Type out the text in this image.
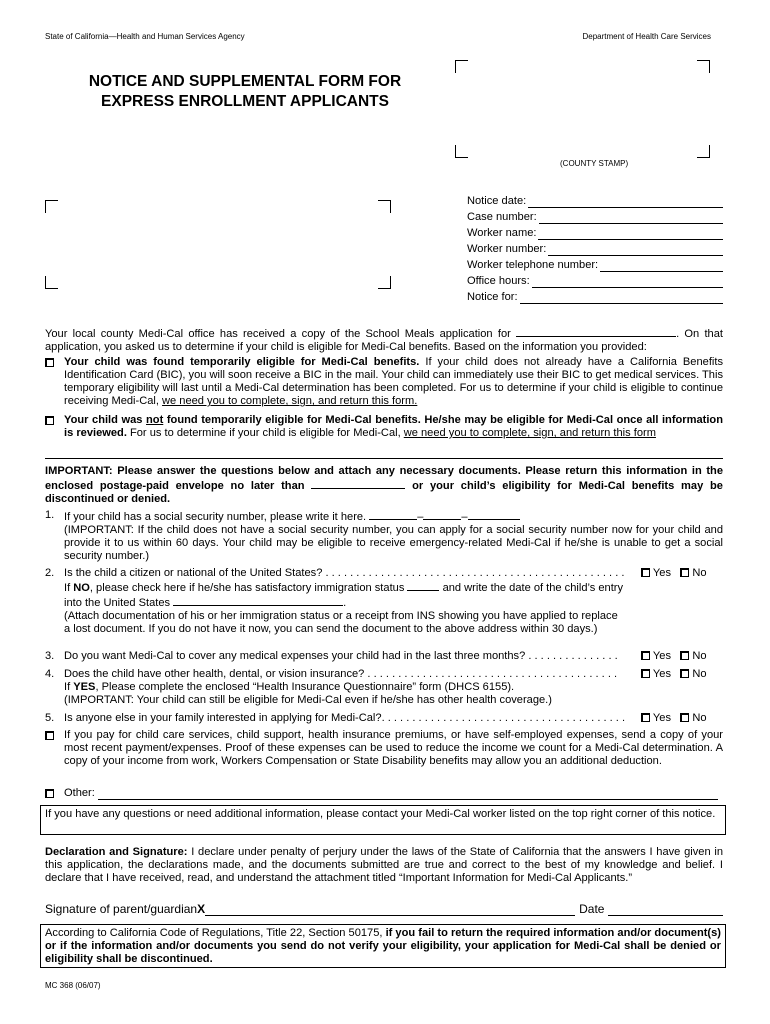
State of California—Health and Human Services Agency	Department of Health Care Services
NOTICE AND SUPPLEMENTAL FORM FOR
EXPRESS ENROLLMENT APPLICANTS
(COUNTY STAMP)
Notice date:
Case number:
Worker name:
Worker number:
Worker telephone number:
Office hours:
Notice for:
Your local county Medi-Cal office has received a copy of the School Meals application for	. On that application, you asked us to determine if your child is eligible for Medi-Cal benefits. Based on the information you provided:
Your child was found temporarily eligible for Medi-Cal benefits. If your child does not already have a California Benefits Identification Card (BIC), you will soon receive a BIC in the mail. Your child can immediately use their BIC to get medical services. This temporary eligibility will last until a Medi-Cal determination has been completed. For us to determine if your child is eligible to continue receiving Medi-Cal, we need you to complete, sign, and return this form.
Your child was not found temporarily eligible for Medi-Cal benefits. He/she may be eligible for Medi-Cal once all information is reviewed. For us to determine if your child is eligible for Medi-Cal, we need you to complete, sign, and return this form
IMPORTANT: Please answer the questions below and attach any necessary documents. Please return this information in the enclosed postage-paid envelope no later than	or your child’s eligibility for Medi-Cal benefits may be discontinued or denied.
1. If your child has a social security number, please write it here.	–	–
(IMPORTANT: If the child does not have a social security number, you can apply for a social security number now for your child and provide it to us within 60 days. Your child may be eligible to receive emergency-related Medi-Cal if he/she is unable to get a social security number.)
2. Is the child a citizen or national of the United States? . . . . . . . . . . . . . . . . . . . . . . . . . . . . . . . . . . . . . . . . . . . . . . . . .	Yes No
If NO, please check here if he/she has satisfactory immigration status	and write the date of the child’s entry into the United States	.
(Attach documentation of his or her immigration status or a receipt from INS showing you have applied to replace a lost document. If you do not have it now, you can send the document to the above address within 30 days.)
3. Do you want Medi-Cal to cover any medical expenses your child had in the last three months? . . . . . . . . . . . . . . .	Yes No
4. Does the child have other health, dental, or vision insurance? . . . . . . . . . . . . . . . . . . . . . . . . . . . . . . . . . . . . . . . . .	Yes No
If YES, Please complete the enclosed “Health Insurance Questionnaire” form (DHCS 6155).
(IMPORTANT: Your child can still be eligible for Medi-Cal even if he/she has other health coverage.)
5. Is anyone else in your family interested in applying for Medi-Cal?. . . . . . . . . . . . . . . . . . . . . . . . . . . . . . . . . . . . . . . .	Yes No
If you pay for child care services, child support, health insurance premiums, or have self-employed expenses, send a copy of your most recent payment/expenses. Proof of these expenses can be used to reduce the income we count for a Medi-Cal determination. A copy of your income from work, Workers Compensation or State Disability benefits may allow you an additional deduction.
Other:
If you have any questions or need additional information, please contact your Medi-Cal worker listed on the top right corner of this notice.
Declaration and Signature: I declare under penalty of perjury under the laws of the State of California that the answers I have given in this application, the declarations made, and the documents submitted are true and correct to the best of my knowledge and belief. I declare that I have received, read, and understand the attachment titled “Important Information for Medi-Cal Applicants.”
Signature of parent/guardian X	Date
According to California Code of Regulations, Title 22, Section 50175, if you fail to return the required information and/or document(s) or if the information and/or documents you send do not verify your eligibility, your application for Medi-Cal shall be denied or eligibility shall be discontinued.
MC 368 (06/07)
